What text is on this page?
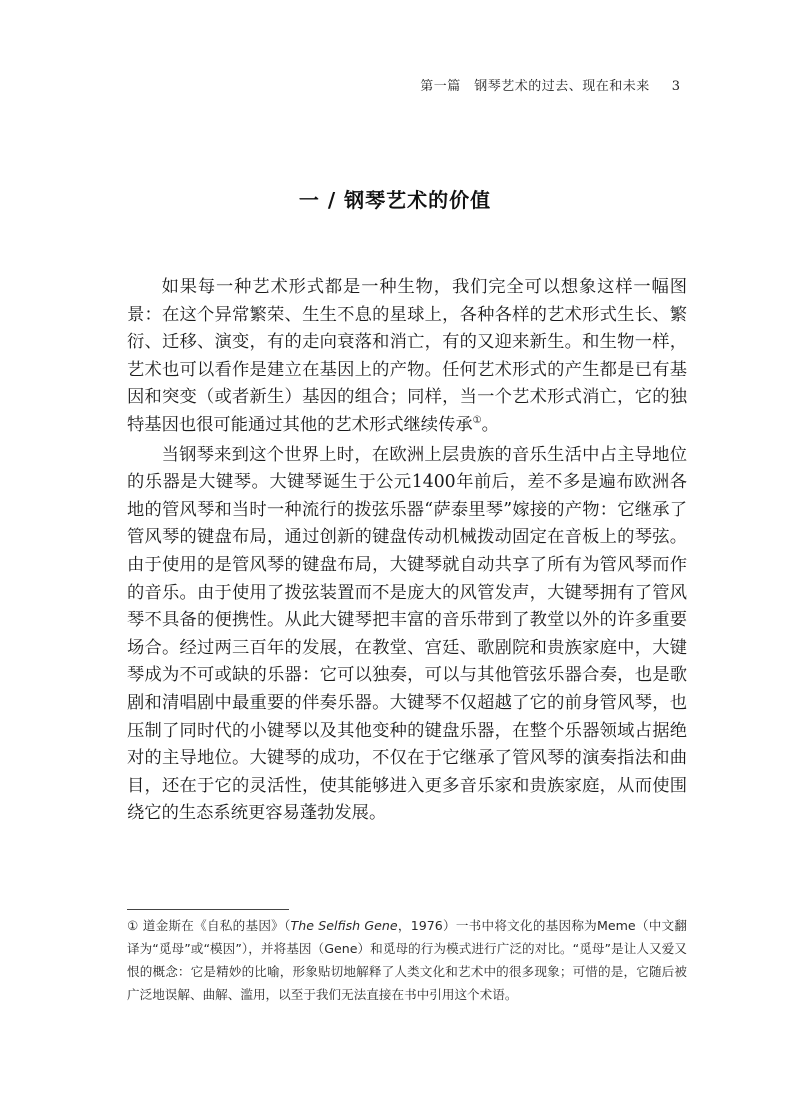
第一篇　钢琴艺术的过去、现在和未来 3
一 / 钢琴艺术的价值

如果每一种艺术形式都是一种生物，我们完全可以想象这样一幅图景：在这个异常繁荣、生生不息的星球上，各种各样的艺术形式生长、繁衍、迁移、演变，有的走向衰落和消亡，有的又迎来新生。和生物一样，艺术也可以看作是建立在基因上的产物。任何艺术形式的产生都是已有基因和突变（或者新生）基因的组合；同样，当一个艺术形式消亡，它的独特基因也很可能通过其他的艺术形式继续传承①。

当钢琴来到这个世界上时，在欧洲上层贵族的音乐生活中占主导地位的乐器是大键琴。大键琴诞生于公元1400年前后，差不多是遍布欧洲各地的管风琴和当时一种流行的拨弦乐器“萨泰里琴”嫁接的产物：它继承了管风琴的键盘布局，通过创新的键盘传动机械拨动固定在音板上的琴弦。由于使用的是管风琴的键盘布局，大键琴就自动共享了所有为管风琴而作的音乐。由于使用了拨弦装置而不是庞大的风管发声，大键琴拥有了管风琴不具备的便携性。从此大键琴把丰富的音乐带到了教堂以外的许多重要场合。经过两三百年的发展，在教堂、宫廷、歌剧院和贵族家庭中，大键琴成为不可或缺的乐器：它可以独奏，可以与其他管弦乐器合奏，也是歌剧和清唱剧中最重要的伴奏乐器。大键琴不仅超越了它的前身管风琴，也压制了同时代的小键琴以及其他变种的键盘乐器，在整个乐器领域占据绝对的主导地位。大键琴的成功，不仅在于它继承了管风琴的演奏指法和曲目，还在于它的灵活性，使其能够进入更多音乐家和贵族家庭，从而使围绕它的生态系统更容易蓬勃发展。

① 道金斯在《自私的基因》（The Selfish Gene，1976）一书中将文化的基因称为Meme（中文翻译为“觅母”或“模因”），并将基因（Gene）和觅母的行为模式进行广泛的对比。“觅母”是让人又爱又恨的概念：它是精妙的比喻，形象贴切地解释了人类文化和艺术中的很多现象；可惜的是，它随后被广泛地误解、曲解、滥用，以至于我们无法直接在书中引用这个术语。
